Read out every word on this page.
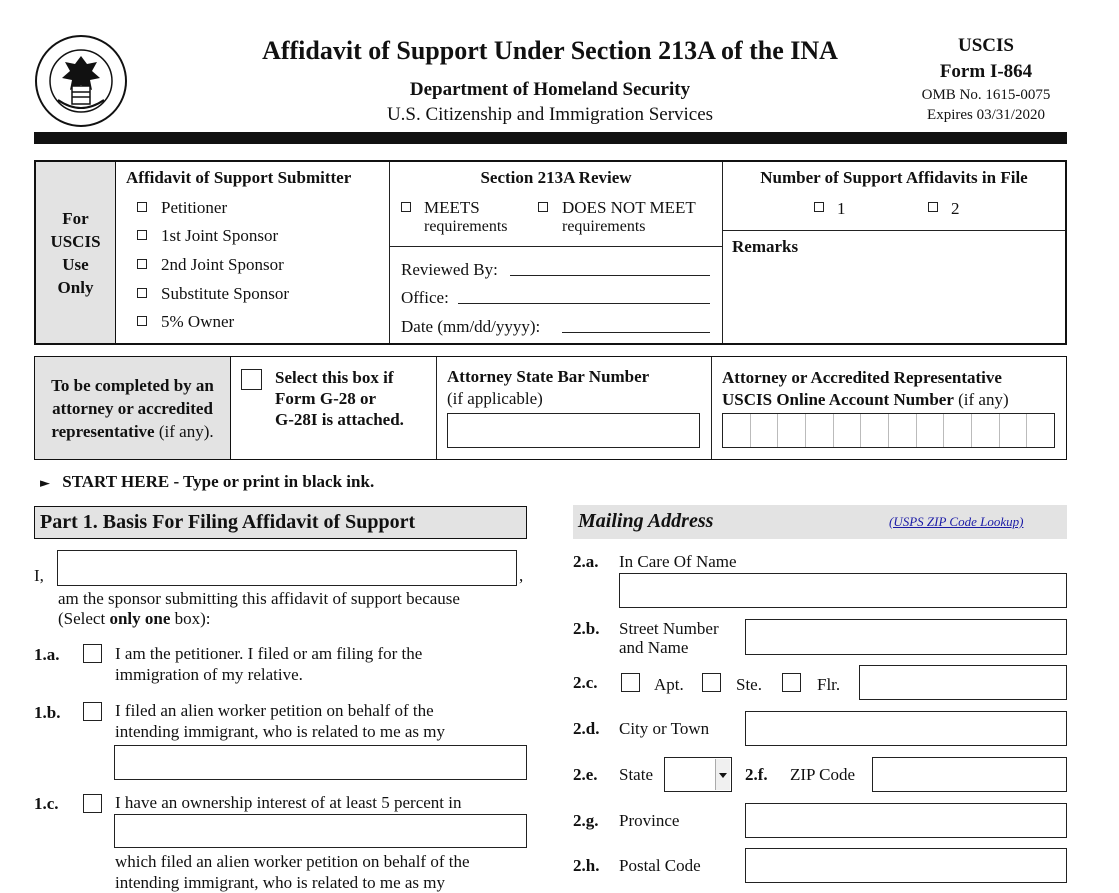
Affidavit of Support Under Section 213A of the INA
Department of Homeland Security
U.S. Citizenship and Immigration Services
USCIS
Form I-864
OMB No. 1615-0075
Expires 03/31/2020
For
USCIS
Use
Only
Affidavit of Support Submitter
Petitioner
1st Joint Sponsor
2nd Joint Sponsor
Substitute Sponsor
5% Owner
Section 213A Review
MEETS
requirements
DOES NOT MEET
requirements
Reviewed By:
Office:
Date (mm/dd/yyyy):
Number of Support Affidavits in File
1	2
Remarks
To be completed by an
attorney or accredited
representative (if any).
Select this box if
Form G-28 or
G-28I is attached.
Attorney State Bar Number
(if applicable)
Attorney or Accredited Representative
USCIS Online Account Number (if any)
► START HERE - Type or print in black ink.
Part 1. Basis For Filing Affidavit of Support
I,	,
am the sponsor submitting this affidavit of support because
(Select only one box):
1.a.	I am the petitioner. I filed or am filing for the
immigration of my relative.
1.b.	I filed an alien worker petition on behalf of the
intending immigrant, who is related to me as my
1.c.	I have an ownership interest of at least 5 percent in
which filed an alien worker petition on behalf of the
intending immigrant, who is related to me as my
Mailing Address	(USPS ZIP Code Lookup)
2.a. In Care Of Name
2.b. Street Number
and Name
2.c.	Apt.	Ste.	Flr.
2.d. City or Town
2.e. State	2.f. ZIP Code
2.g. Province
2.h. Postal Code
